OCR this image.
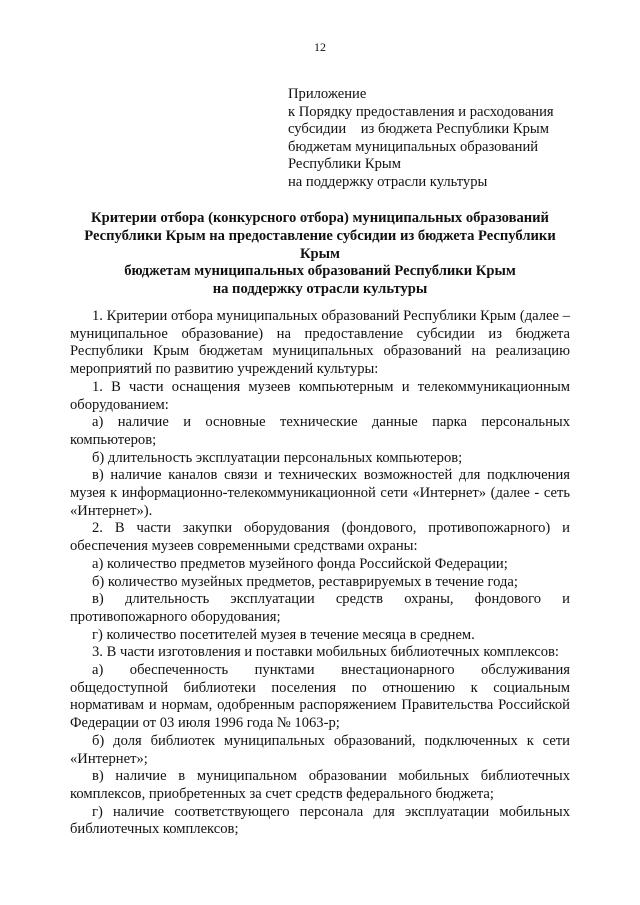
12
Приложение
к Порядку предоставления и расходования
субсидии    из бюджета Республики Крым
бюджетам муниципальных образований
Республики Крым
на поддержку отрасли культуры
Критерии отбора (конкурсного отбора) муниципальных образований
Республики Крым на предоставление субсидии из бюджета Республики
Крым
бюджетам муниципальных образований Республики Крым
на поддержку отрасли культуры

1. Критерии отбора муниципальных образований Республики Крым (далее – муниципальное образование) на предоставление субсидии из бюджета Республики Крым бюджетам муниципальных образований на реализацию мероприятий по развитию учреждений культуры:

1. В части оснащения музеев компьютерным и телекоммуникационным оборудованием:

а) наличие и основные технические данные парка персональных компьютеров;

б) длительность эксплуатации персональных компьютеров;

в) наличие каналов связи и технических возможностей для подключения музея к информационно-телекоммуникационной сети «Интернет» (далее - сеть «Интернет»).

2. В части закупки оборудования (фондового, противопожарного) и обеспечения музеев современными средствами охраны:

а) количество предметов музейного фонда Российской Федерации;

б) количество музейных предметов, реставрируемых в течение года;

в) длительность эксплуатации средств охраны, фондового и противопожарного оборудования;

г) количество посетителей музея в течение месяца в среднем.

3. В части изготовления и поставки мобильных библиотечных комплексов:

а) обеспеченность пунктами внестационарного обслуживания общедоступной библиотеки поселения по отношению к социальным нормативам и нормам, одобренным распоряжением Правительства Российской Федерации от 03 июля 1996 года № 1063-р;

б) доля библиотек муниципальных образований, подключенных к сети «Интернет»;

в) наличие в муниципальном образовании мобильных библиотечных комплексов, приобретенных за счет средств федерального бюджета;

г) наличие соответствующего персонала для эксплуатации мобильных библиотечных комплексов;
